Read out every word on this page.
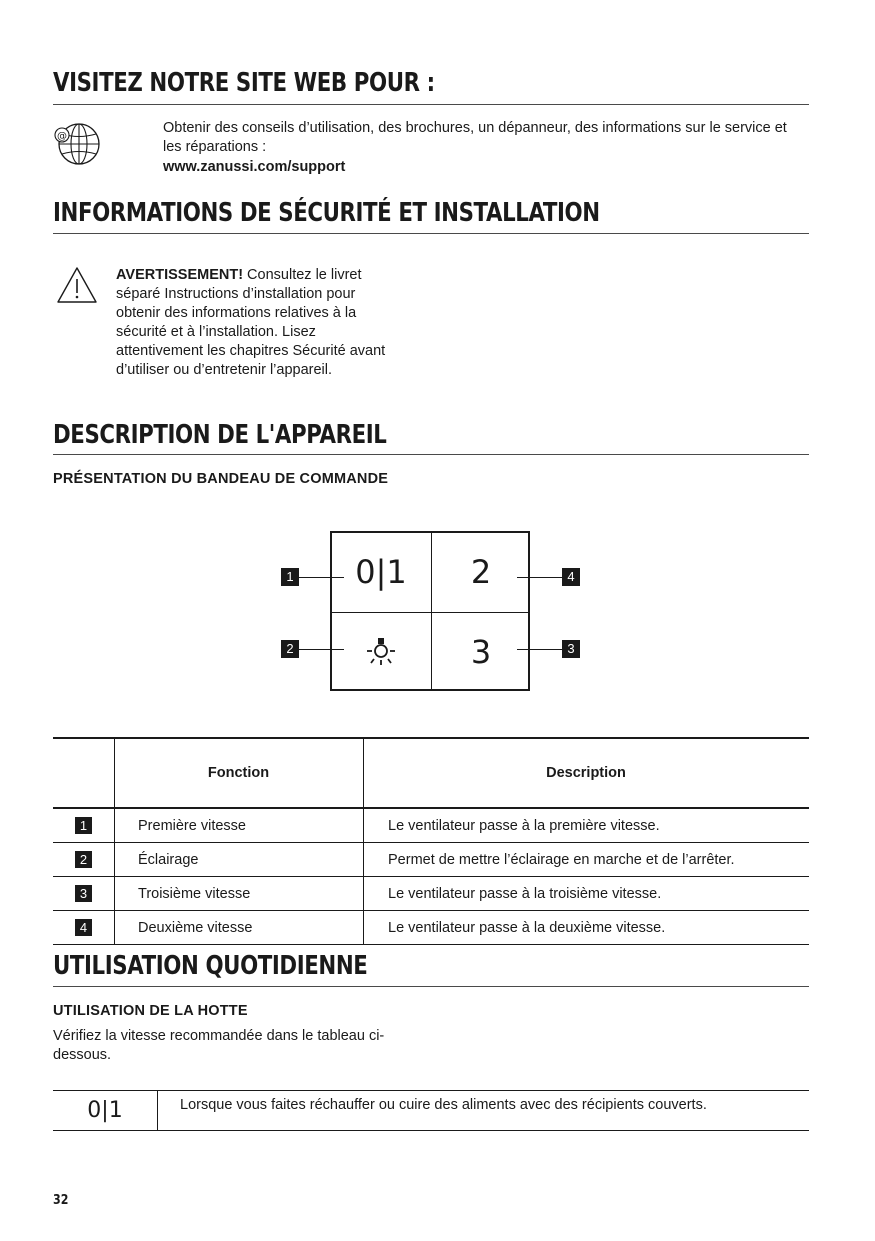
VISITEZ NOTRE SITE WEB POUR :
@
Obtenir des conseils d’utilisation, des brochures, un dépanneur, des informations sur le service et les réparations :
www.zanussi.com/support
INFORMATIONS DE SÉCURITÉ ET INSTALLATION
AVERTISSEMENT! Consultez le livret séparé Instructions d’installation pour obtenir des informations relatives à la sécurité et à l’installation. Lisez attentivement les chapitres Sécurité avant d’utiliser ou d’entretenir l’appareil.
DESCRIPTION DE L'APPAREIL
PRÉSENTATION DU BANDEAU DE COMMANDE
0|1	2
3
1
2
4
3
	Fonction	Description
1	Première vitesse	Le ventilateur passe à la première vitesse.
2	Éclairage	Permet de mettre l’éclairage en marche et de l’arrêter.
3	Troisième vitesse	Le ventilateur passe à la troisième vitesse.
4	Deuxième vitesse	Le ventilateur passe à la deuxième vitesse.
UTILISATION QUOTIDIENNE
UTILISATION DE LA HOTTE
Vérifiez la vitesse recommandée dans le tableau ci-dessous.
0|1	Lorsque vous faites réchauffer ou cuire des aliments avec des récipients couverts.
32
